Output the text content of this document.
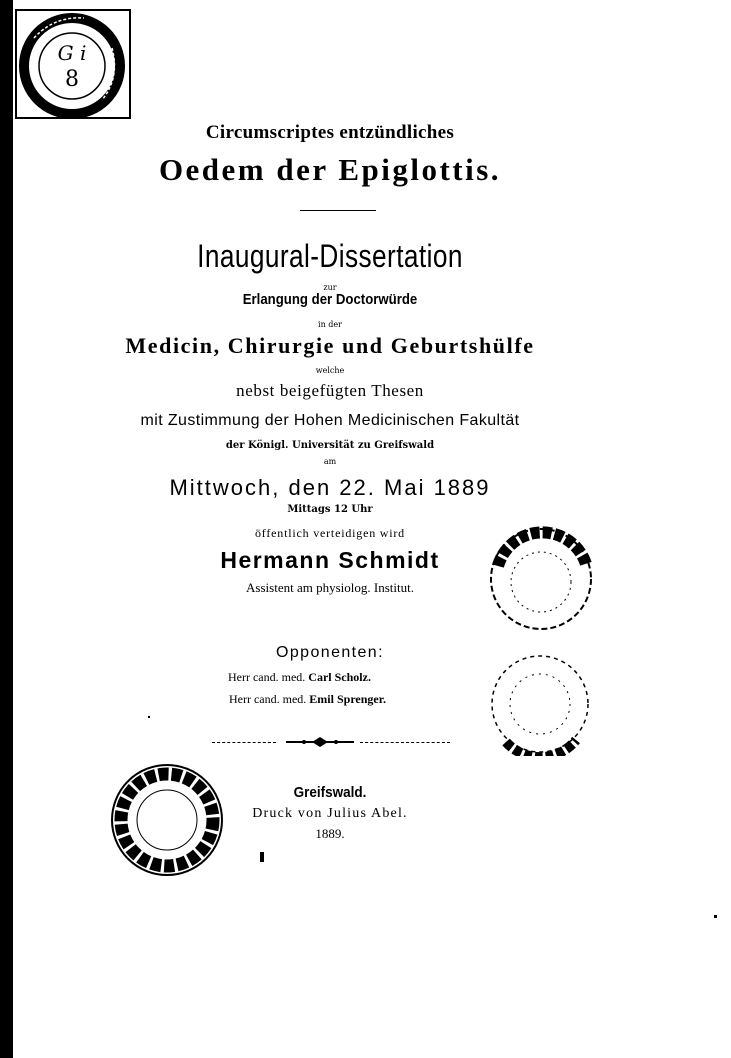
G i
8
Circumscriptes entzündliches
Oedem der Epiglottis.
Inaugural-Dissertation
zur
Erlangung der Doctorwürde
in der
Medicin, Chirurgie und Geburtshülfe
welche
nebst beigefügten Thesen
mit Zustimmung der Hohen Medicinischen Fakultät
der Königl. Universität zu Greifswald
am
Mittwoch, den 22. Mai 1889
Mittags 12 Uhr
öffentlich verteidigen wird
Hermann Schmidt
Assistent am physiolog. Institut.
Opponenten:
Herr cand. med. Carl Scholz.
Herr cand. med. Emil Sprenger.
Greifswald.
Druck von Julius Abel.
1889.
